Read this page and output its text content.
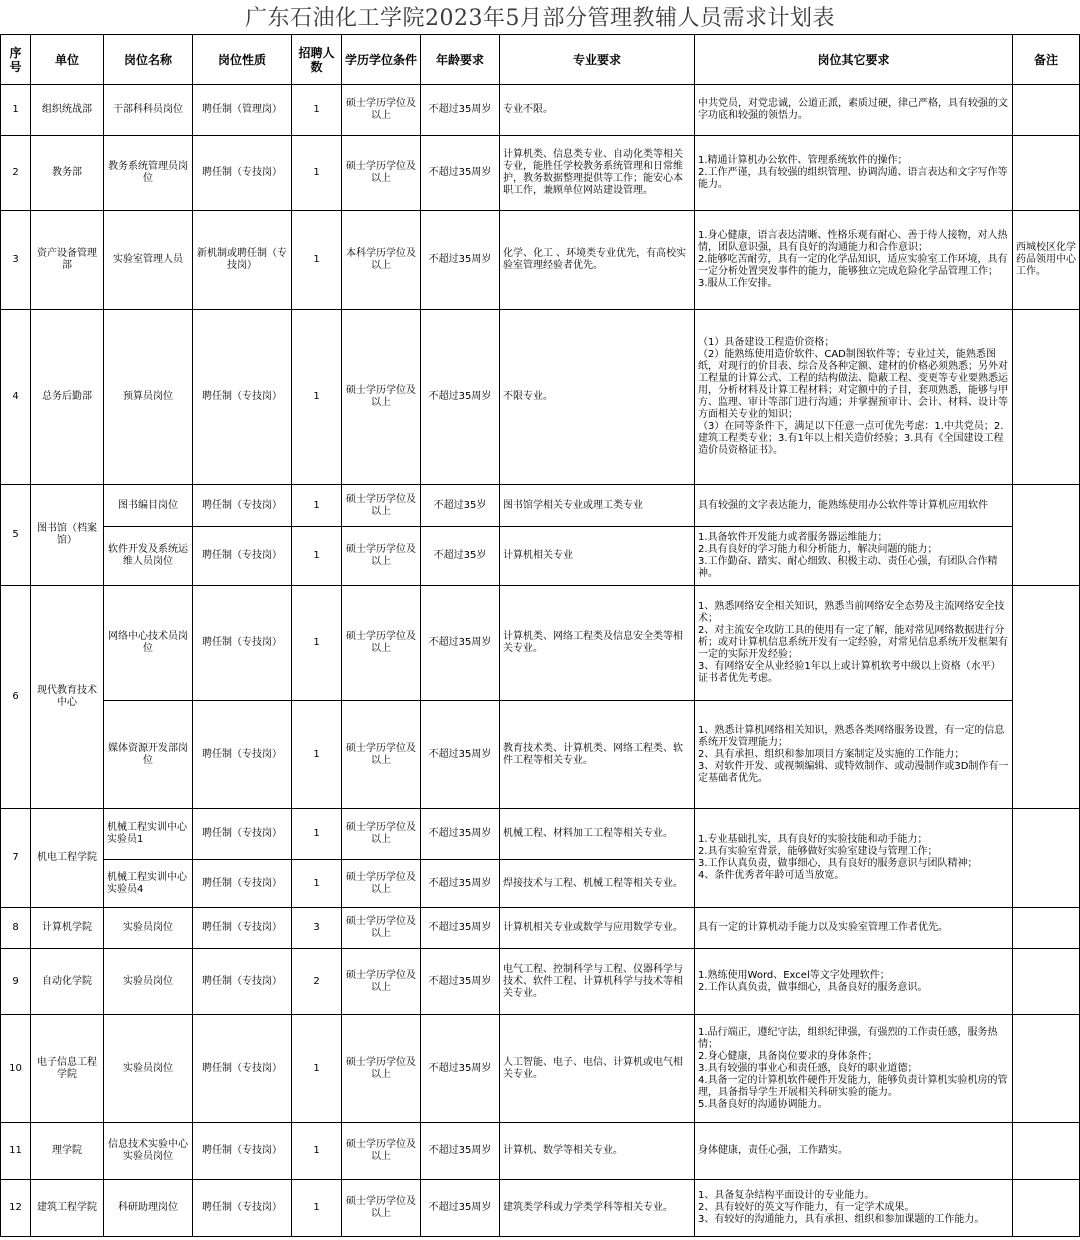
广东石油化工学院2023年5月部分管理教辅人员需求计划表
序号	单位	岗位名称	岗位性质	招聘人数	学历学位条件	年龄要求	专业要求	岗位其它要求	备注
1	组织统战部	干部科科员岗位	聘任制（管理岗）	1	硕士学历学位及以上	不超过35周岁	专业不限。	中共党员，对党忠诚，公道正派，素质过硬，律己严格，具有较强的文字功底和较强的领悟力。	
2	教务部	教务系统管理员岗位	聘任制（专技岗）	1	硕士学历学位及以上	不超过35周岁	计算机类、信息类专业、自动化类等相关专业，能胜任学校教务系统管理和日常维护，教务数据整理提供等工作；能安心本职工作，兼顾单位网站建设管理。	1.精通计算机办公软件、管理系统软件的操作；
2.工作严谨，具有较强的组织管理、协调沟通、语言表达和文字写作等能力。	
3	资产设备管理部	实验室管理人员	新机制或聘任制（专技岗）	1	本科学历学位及以上	不超过35周岁	化学、化工 、环境类专业优先，有高校实验室管理经验者优先。	1.身心健康，语言表达清晰、性格乐观有耐心、善于待人接物，对人热情，团队意识强，具有良好的沟通能力和合作意识；
2.能够吃苦耐劳，具有一定的化学品知识，适应实验室工作环境，具有一定分析处置突发事件的能力，能够独立完成危险化学品管理工作；
3.服从工作安排。	西城校区化学药品领用中心工作。
4	总务后勤部	预算员岗位	聘任制（专技岗）	1	硕士学历学位及以上	不超过35周岁	不限专业。	（1）具备建设工程造价资格；
（2）能熟练使用造价软件、CAD制图软件等；专业过关，能熟悉图纸，对现行的价目表、综合及各种定额、建材的价格必须熟悉；另外对工程量的计算公式、工程的结构做法、隐蔽工程、变更等专业要熟悉运用，分析材料及计算工程材料；对定额中的子目，套项熟悉，能够与甲方、监理、审计等部门进行沟通；并掌握预审计、会计、材料、设计等方面相关专业的知识；
（3）在同等条件下，满足以下任意一点可优先考虑：1.中共党员；2.建筑工程类专业；3.有1年以上相关造价经验；3.具有《全国建设工程造价员资格证书》。	
5	图书馆（档案馆）	图书编目岗位	聘任制（专技岗）	1	硕士学历学位及以上	不超过35岁	图书馆学相关专业或理工类专业	具有较强的文字表达能力，能熟练使用办公软件等计算机应用软件	
		软件开发及系统运维人员岗位	聘任制（专技岗）	1	硕士学历学位及以上	不超过35岁	计算机相关专业	1.具备软件开发能力或者服务器运维能力；
2.具有良好的学习能力和分析能力，解决问题的能力；
3.工作勤奋、踏实、耐心细致、积极主动、责任心强，有团队合作精神。	
6	现代教育技术中心	网络中心技术员岗位	聘任制（专技岗）	1	硕士学历学位及以上	不超过35周岁	计算机类、网络工程类及信息安全类等相关专业。	1、熟悉网络安全相关知识，熟悉当前网络安全态势及主流网络安全技术；
2、对主流安全攻防工具的使用有一定了解，能对常见网络数据进行分析；或对计算机信息系统开发有一定经验，对常见信息系统开发框架有一定的实际开发经验；
3、有网络安全从业经验1年以上或计算机软考中级以上资格（水平）证书者优先考虑。	
		媒体资源开发部岗位	聘任制（专技岗）	1	硕士学历学位及以上	不超过35周岁	教育技术类、计算机类、网络工程类、软件工程等相关专业。	1、熟悉计算机网络相关知识，熟悉各类网络服务设置，有一定的信息系统开发管理能力；
2、具有承担、组织和参加项目方案制定及实施的工作能力；
3、对软件开发、或视频编辑、或特效制作、或动漫制作或3D制作有一定基础者优先。	
7	机电工程学院	机械工程实训中心实验员1	聘任制（专技岗）	1	硕士学历学位及以上	不超过35周岁	机械工程、材料加工工程等相关专业。	1.专业基础扎实，具有良好的实验技能和动手能力；
2.具有实验室背景，能够做好实验室建设与管理工作；
3.工作认真负责，做事细心，具有良好的服务意识与团队精神；
4、条件优秀者年龄可适当放宽。	
		机械工程实训中心实验员4	聘任制（专技岗）	1	硕士学历学位及以上	不超过35周岁	焊接技术与工程、机械工程等相关专业。		
8	计算机学院	实验员岗位	聘任制（专技岗）	3	硕士学历学位及以上	不超过35周岁	计算机相关专业或数学与应用数学专业。	具有一定的计算机动手能力以及实验室管理工作者优先。	
9	自动化学院	实验员岗位	聘任制（专技岗）	2	硕士学历学位及以上	不超过35周岁	电气工程、控制科学与工程、仪器科学与技术、软件工程、计算机科学与技术等相关专业。	1.熟练使用Word、Excel等文字处理软件；
2.工作认真负责，做事细心，具备良好的服务意识。	
10	电子信息工程学院	实验员岗位	聘任制（专技岗）	1	硕士学历学位及以上	不超过35周岁	人工智能、电子、电信、计算机或电气相关专业。	1.品行端正，遵纪守法，组织纪律强，有强烈的工作责任感，服务热情；
2.身心健康，具备岗位要求的身体条件；
3.具有较强的事业心和责任感，良好的职业道德；
4.具备一定的计算机软件硬件开发能力，能够负责计算机实验机房的管理，具备指导学生开展相关科研实验的能力。
5.具备良好的沟通协调能力。	
11	理学院	信息技术实验中心实验员岗位	聘任制（专技岗）	1	硕士学历学位及以上	不超过35周岁	计算机、数学等相关专业。	身体健康，责任心强，工作踏实。	
12	建筑工程学院	科研助理岗位	聘任制（专技岗）	1	硕士学历学位及以上	不超过35周岁	建筑类学科或力学类学科等相关专业。	1、具备复杂结构平面设计的专业能力。
2、具有较好的英文写作能力，有一定学术成果。
3、有较好的沟通能力，具有承担、组织和参加课题的工作能力。	
